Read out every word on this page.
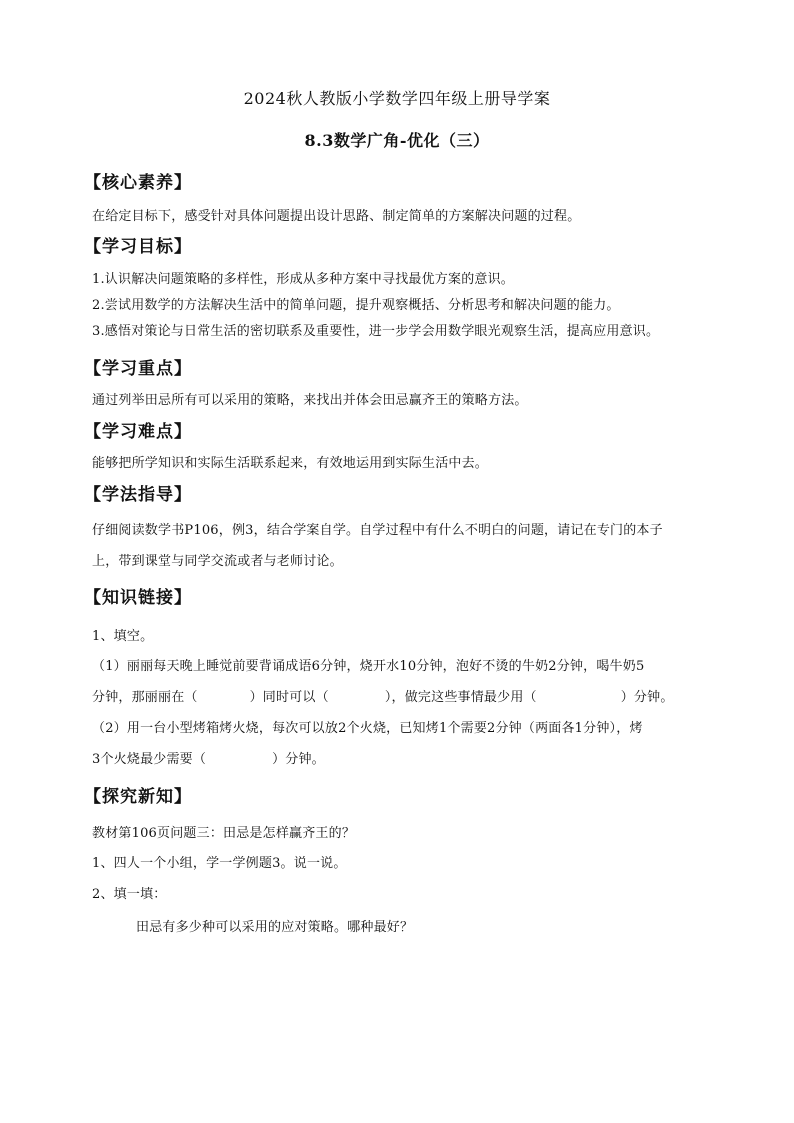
2024秋人教版小学数学四年级上册导学案
8.3数学广角-优化（三）
【核心素养】
在给定目标下，感受针对具体问题提出设计思路、制定简单的方案解决问题的过程。
【学习目标】
1.认识解决问题策略的多样性，形成从多种方案中寻找最优方案的意识。
2.尝试用数学的方法解决生活中的简单问题，提升观察概括、分析思考和解决问题的能力。
3.感悟对策论与日常生活的密切联系及重要性，进一步学会用数学眼光观察生活，提高应用意识。
【学习重点】
通过列举田忌所有可以采用的策略，来找出并体会田忌赢齐王的策略方法。
【学习难点】
能够把所学知识和实际生活联系起来，有效地运用到实际生活中去。
【学法指导】
仔细阅读数学书P106，例3，结合学案自学。自学过程中有什么不明白的问题，请记在专门的本子
上，带到课堂与同学交流或者与老师讨论。
【知识链接】
1、填空。
（1）丽丽每天晚上睡觉前要背诵成语6分钟，烧开水10分钟，泡好不烫的牛奶2分钟，喝牛奶5
分钟，那丽丽在（	）同时可以（	），做完这些事情最少用（	）分钟。
（2）用一台小型烤箱烤火烧，每次可以放2个火烧，已知烤1个需要2分钟（两面各1分钟），烤
3个火烧最少需要（	）分钟。
【探究新知】
教材第106页问题三：田忌是怎样赢齐王的？
1、四人一个小组，学一学例题3。说一说。
2、填一填：
田忌有多少种可以采用的应对策略。哪种最好？
